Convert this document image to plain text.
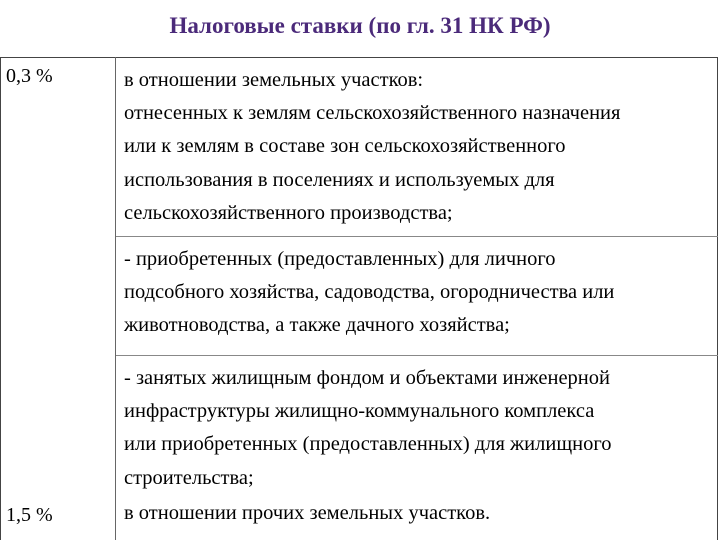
Налоговые ставки (по гл. 31 НК РФ)
0,3 %
1,5 %
в отношении земельных участков:
отнесенных к землям сельскохозяйственного назначения
или к землям в составе зон сельскохозяйственного
использования в поселениях и используемых для
сельскохозяйственного производства;
- приобретенных (предоставленных) для личного
подсобного хозяйства, садоводства, огородничества или
животноводства, а также дачного хозяйства;
- занятых жилищным фондом и объектами инженерной
инфраструктуры жилищно-коммунального комплекса
или приобретенных (предоставленных) для жилищного
строительства;
в отношении прочих земельных участков.
